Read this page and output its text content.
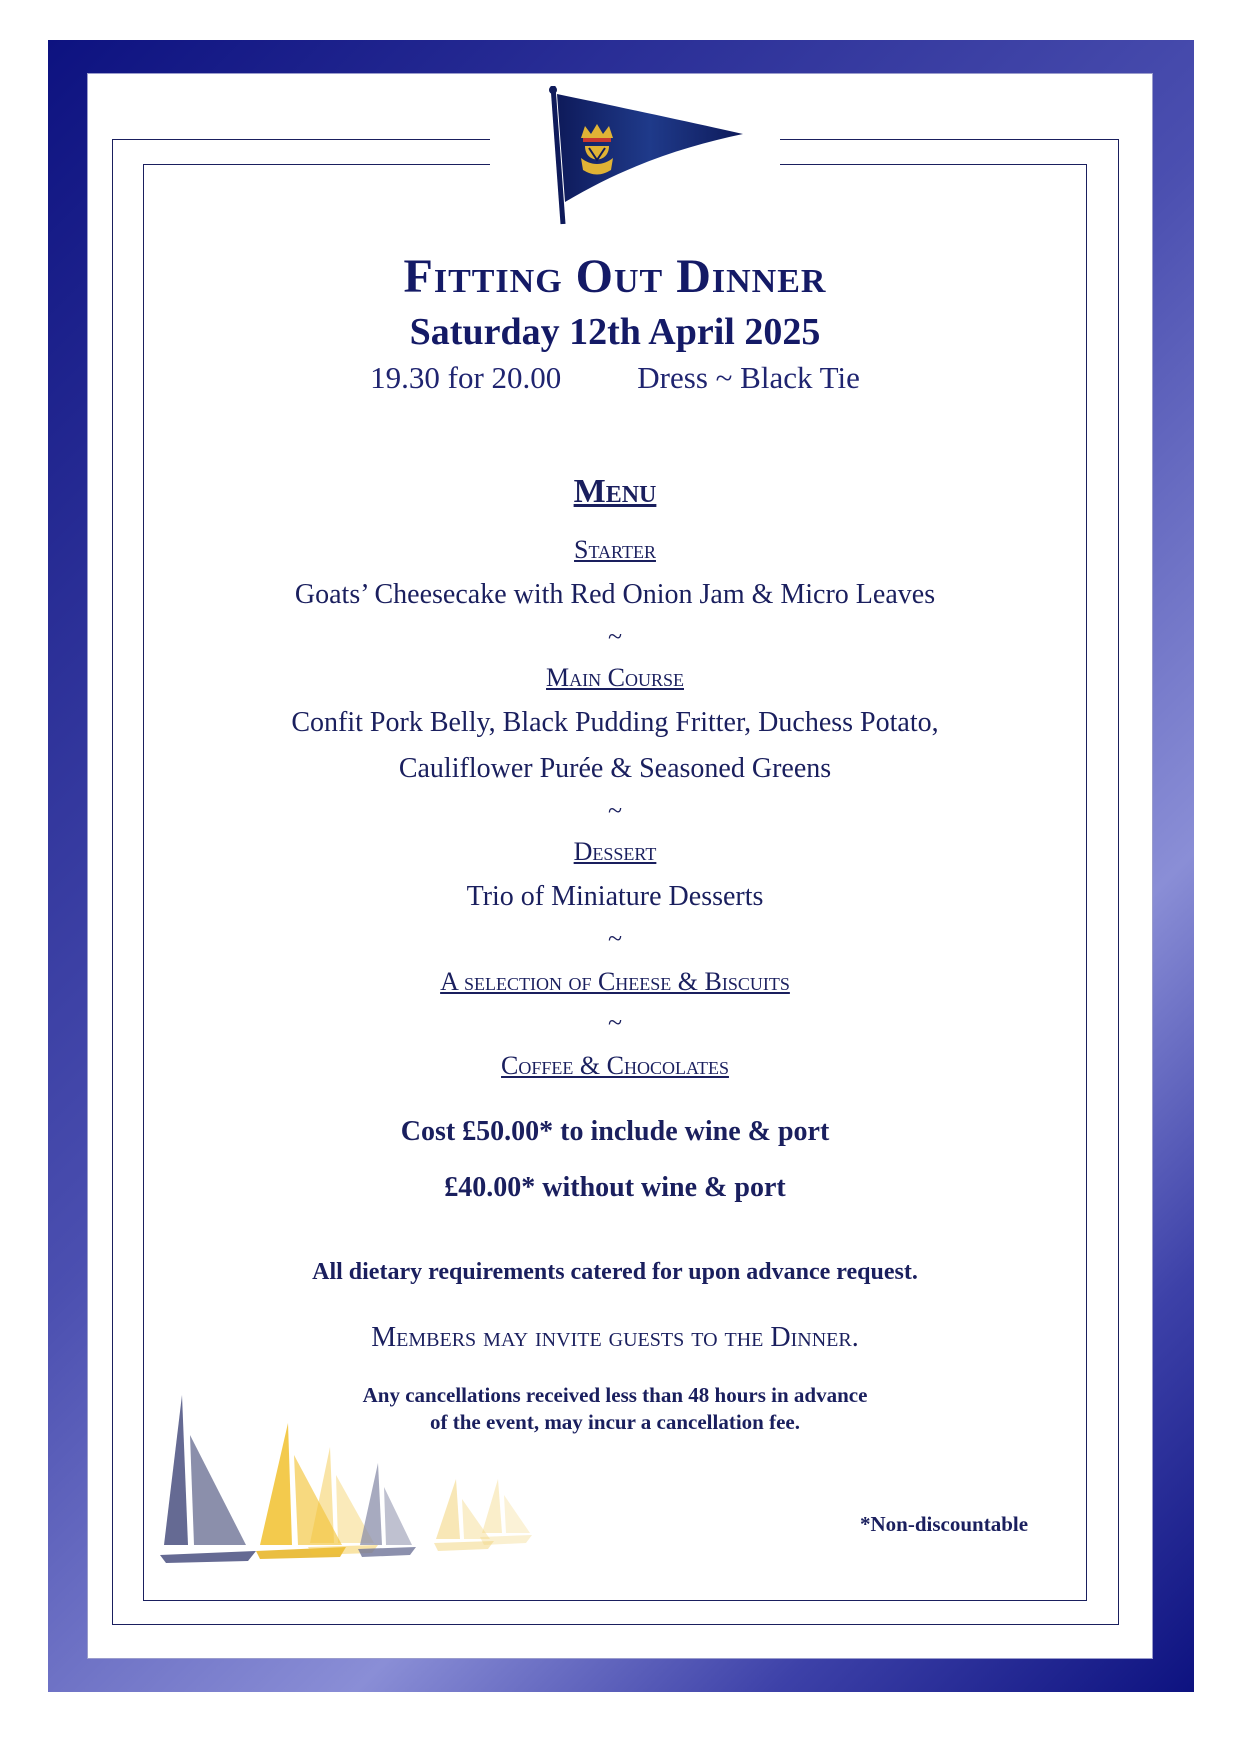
Fitting Out Dinner
Saturday 12th April 2025
19.30 for 20.00 Dress ~ Black Tie
Menu
Starter
Goats’ Cheesecake with Red Onion Jam & Micro Leaves
~
Main Course
Confit Pork Belly, Black Pudding Fritter, Duchess Potato,
Cauliflower Purée & Seasoned Greens
~
Dessert
Trio of Miniature Desserts
~
A selection of Cheese & Biscuits
~
Coffee & Chocolates
Cost £50.00* to include wine & port
£40.00* without wine & port
All dietary requirements catered for upon advance request.
Members may invite guests to the Dinner.
Any cancellations received less than 48 hours in advance
of the event, may incur a cancellation fee.
*Non-discountable
